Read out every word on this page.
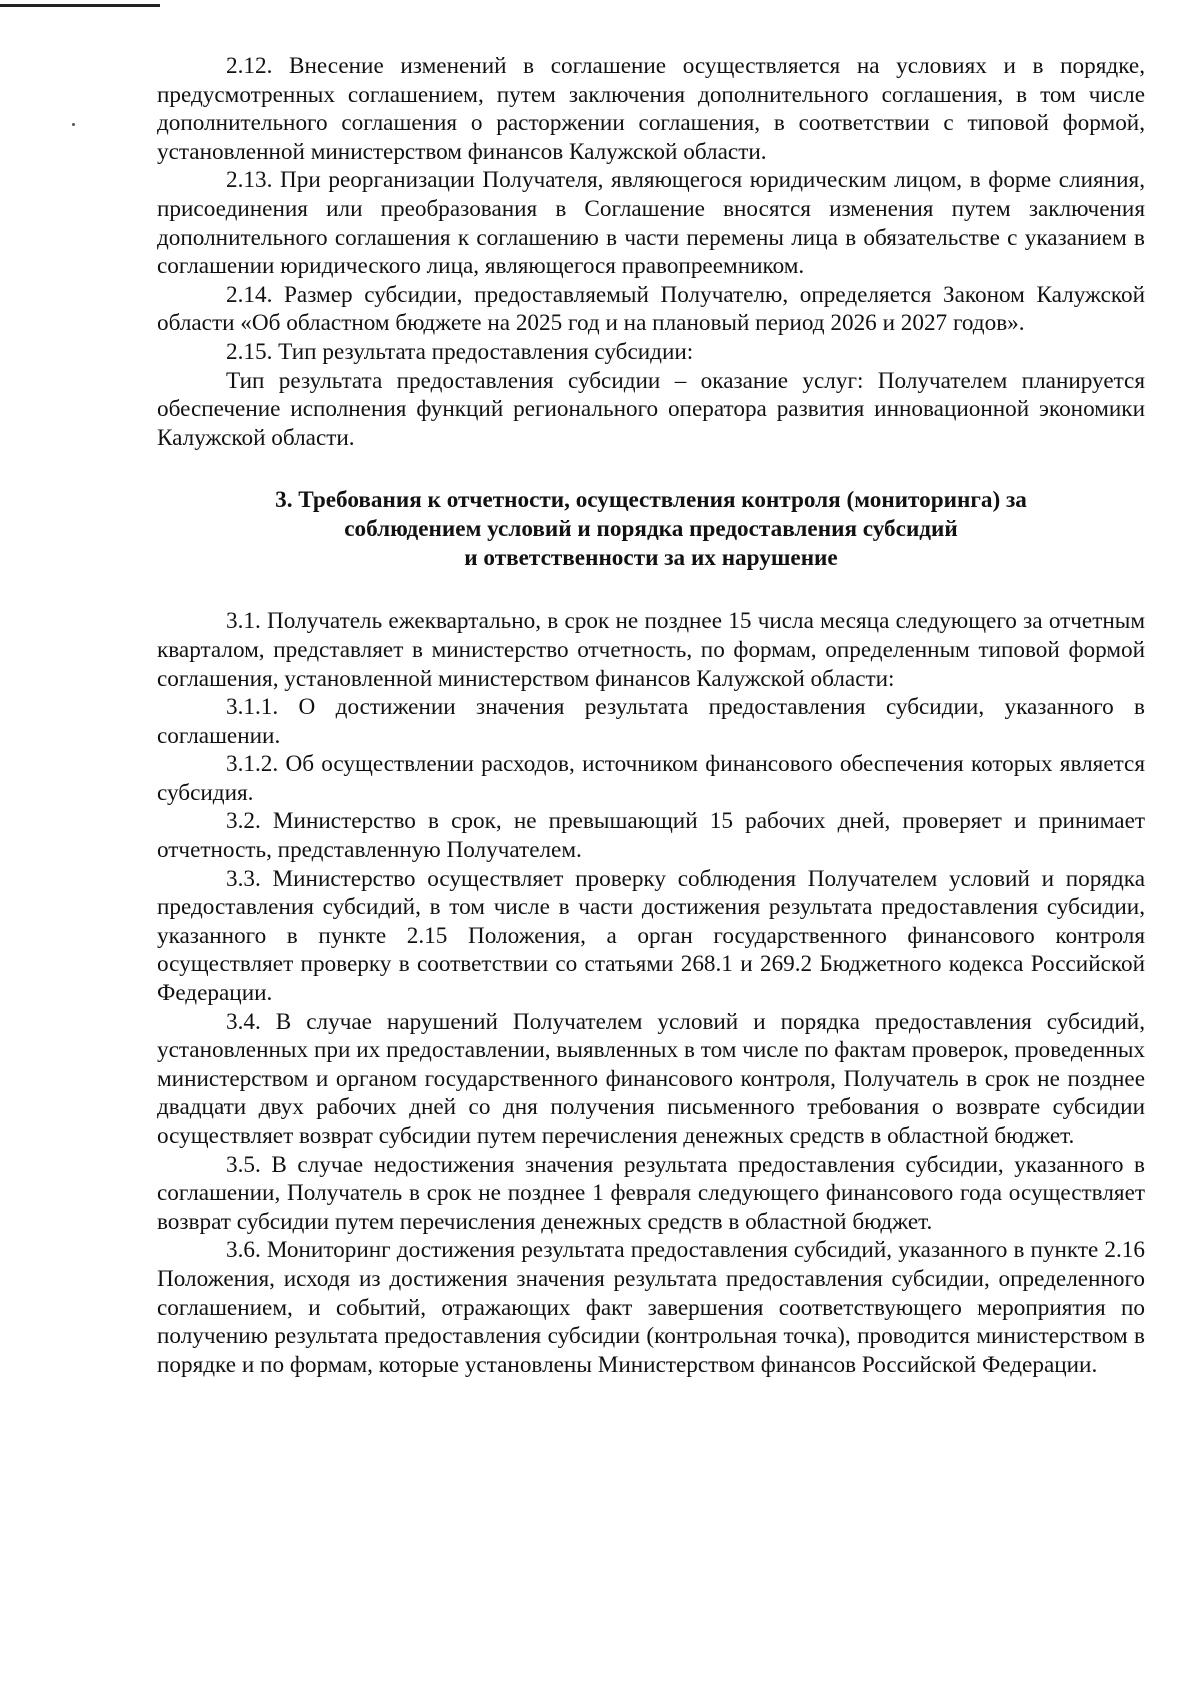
2.12. Внесение изменений в соглашение осуществляется на условиях и в порядке, предусмотренных соглашением, путем заключения дополнительного соглашения, в том числе дополнительного соглашения о расторжении соглашения, в соответствии с типовой формой, установленной министерством финансов Калужской области.

2.13. При реорганизации Получателя, являющегося юридическим лицом, в форме слияния, присоединения или преобразования в Соглашение вносятся изменения путем заключения дополнительного соглашения к соглашению в части перемены лица в обязательстве с указанием в соглашении юридического лица, являющегося правопреемником.

2.14. Размер субсидии, предоставляемый Получателю, определяется Законом Калужской области «Об областном бюджете на 2025 год и на плановый период 2026 и 2027 годов».

2.15. Тип результата предоставления субсидии:

Тип результата предоставления субсидии – оказание услуг: Получателем планируется обеспечение исполнения функций регионального оператора развития инновационной экономики Калужской области.

3. Требования к отчетности, осуществления контроля (мониторинга) за
соблюдением условий и порядка предоставления субсидий
и ответственности за их нарушение

3.1. Получатель ежеквартально, в срок не позднее 15 числа месяца следующего за отчетным кварталом, представляет в министерство отчетность, по формам, определенным типовой формой соглашения, установленной министерством финансов Калужской области:

3.1.1. О достижении значения результата предоставления субсидии, указанного в соглашении.

3.1.2. Об осуществлении расходов, источником финансового обеспечения которых является субсидия.

3.2. Министерство в срок, не превышающий 15 рабочих дней, проверяет и принимает отчетность, представленную Получателем.

3.3. Министерство осуществляет проверку соблюдения Получателем условий и порядка предоставления субсидий, в том числе в части достижения результата предоставления субсидии, указанного в пункте 2.15 Положения, а орган государственного финансового контроля осуществляет проверку в соответствии со статьями 268.1 и 269.2 Бюджетного кодекса Российской Федерации.

3.4. В случае нарушений Получателем условий и порядка предоставления субсидий, установленных при их предоставлении, выявленных в том числе по фактам проверок, проведенных министерством и органом государственного финансового контроля, Получатель в срок не позднее двадцати двух рабочих дней со дня получения письменного требования о возврате субсидии осуществляет возврат субсидии путем перечисления денежных средств в областной бюджет.

3.5. В случае недостижения значения результата предоставления субсидии, указанного в соглашении, Получатель в срок не позднее 1 февраля следующего финансового года осуществляет возврат субсидии путем перечисления денежных средств в областной бюджет.

3.6. Мониторинг достижения результата предоставления субсидий, указанного в пункте 2.16 Положения, исходя из достижения значения результата предоставления субсидии, определенного соглашением, и событий, отражающих факт завершения соответствующего мероприятия по получению результата предоставления субсидии (контрольная точка), проводится министерством в порядке и по формам, которые установлены Министерством финансов Российской Федерации.
